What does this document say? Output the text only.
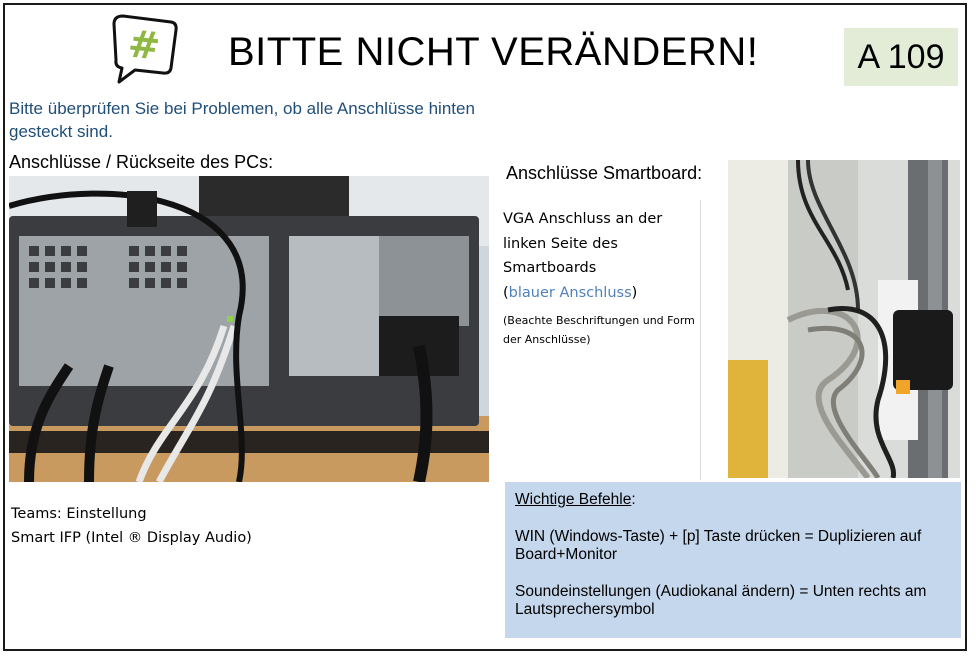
# BITTE NICHT VERÄNDERN!	A 109
Bitte überprüfen Sie bei Problemen, ob alle Anschlüsse hinten gesteckt sind.
Anschlüsse / Rückseite des PCs:
Anschlüsse Smartboard:
VGA Anschluss an der linken Seite des Smartboards
(blauer Anschluss)
(Beachte Beschriftungen und Form der Anschlüsse)
Teams: Einstellung
Smart IFP (Intel ® Display Audio)
Wichtige Befehle:
WIN (Windows-Taste) + [p] Taste drücken = Duplizieren auf Board+Monitor
Soundeinstellungen (Audiokanal ändern) = Unten rechts am Lautsprechersymbol
